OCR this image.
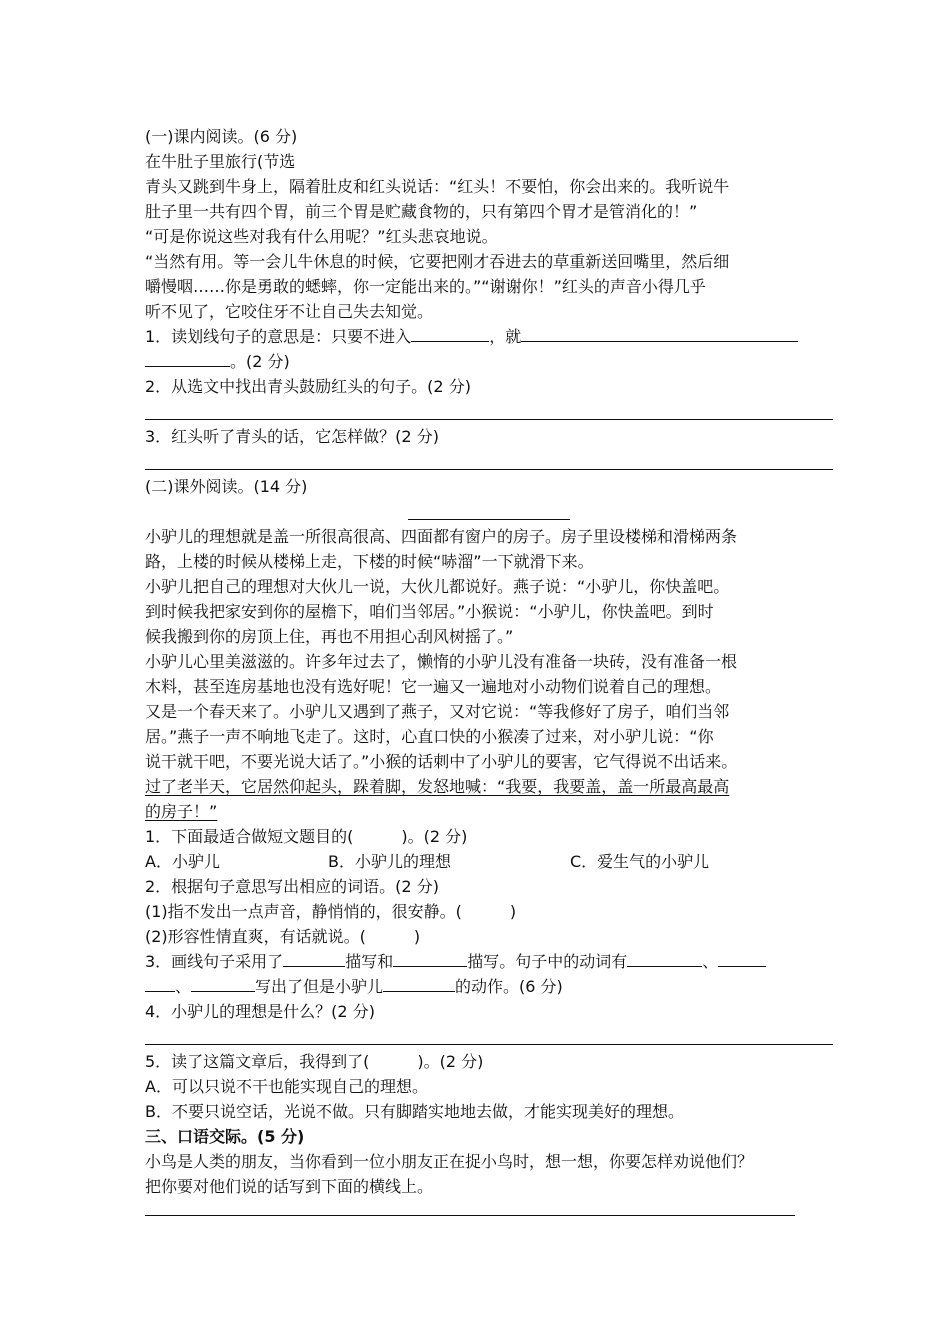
(一)课内阅读。(6 分)
在牛肚子里旅行(节选
青头又跳到牛身上，隔着肚皮和红头说话：“红头！不要怕，你会出来的。我听说牛
肚子里一共有四个胃，前三个胃是贮藏食物的，只有第四个胃才是管消化的！”
“可是你说这些对我有什么用呢？”红头悲哀地说。
“当然有用。等一会儿牛休息的时候，它要把刚才吞进去的草重新送回嘴里，然后细
嚼慢咽……你是勇敢的蟋蟀，你一定能出来的。”“谢谢你！”红头的声音小得几乎
听不见了，它咬住牙不让自己失去知觉。
1．读划线句子的意思是：只要不进入	，就
。(2 分)
2．从选文中找出青头鼓励红头的句子。(2 分)
3．红头听了青头的话，它怎样做？(2 分)
(二)课外阅读。(14 分)
小驴儿的理想就是盖一所很高很高、四面都有窗户的房子。房子里设楼梯和滑梯两条
路，上楼的时候从楼梯上走，下楼的时候“哧溜”一下就滑下来。
小驴儿把自己的理想对大伙儿一说，大伙儿都说好。燕子说：“小驴儿，你快盖吧。
到时候我把家安到你的屋檐下，咱们当邻居。”小猴说：“小驴儿，你快盖吧。到时
候我搬到你的房顶上住，再也不用担心刮风树摇了。”
小驴儿心里美滋滋的。许多年过去了，懒惰的小驴儿没有准备一块砖，没有准备一根
木料，甚至连房基地也没有选好呢！它一遍又一遍地对小动物们说着自己的理想。
又是一个春天来了。小驴儿又遇到了燕子，又对它说：“等我修好了房子，咱们当邻
居。”燕子一声不响地飞走了。这时，心直口快的小猴凑了过来，对小驴儿说：“你
说干就干吧，不要光说大话了。”小猴的话刺中了小驴儿的要害，它气得说不出话来。
过了老半天，它居然仰起头，跺着脚，发怒地喊：“我要，我要盖，盖一所最高最高
的房子！”
1．下面最适合做短文题目的(　　　)。(2 分)
A．小驴儿	B．小驴儿的理想	C．爱生气的小驴儿
2．根据句子意思写出相应的词语。(2 分)
(1)指不发出一点声音，静悄悄的，很安静。(　　　)
(2)形容性情直爽，有话就说。(　　　)
3．画线句子采用了	描写和	描写。句子中的动词有	、
、	写出了但是小驴儿	的动作。(6 分)
4．小驴儿的理想是什么？(2 分)
5．读了这篇文章后，我得到了(　　　)。(2 分)
A．可以只说不干也能实现自己的理想。
B．不要只说空话，光说不做。只有脚踏实地地去做，才能实现美好的理想。
三、口语交际。(5 分)
小鸟是人类的朋友，当你看到一位小朋友正在捉小鸟时，想一想，你要怎样劝说他们？
把你要对他们说的话写到下面的横线上。
